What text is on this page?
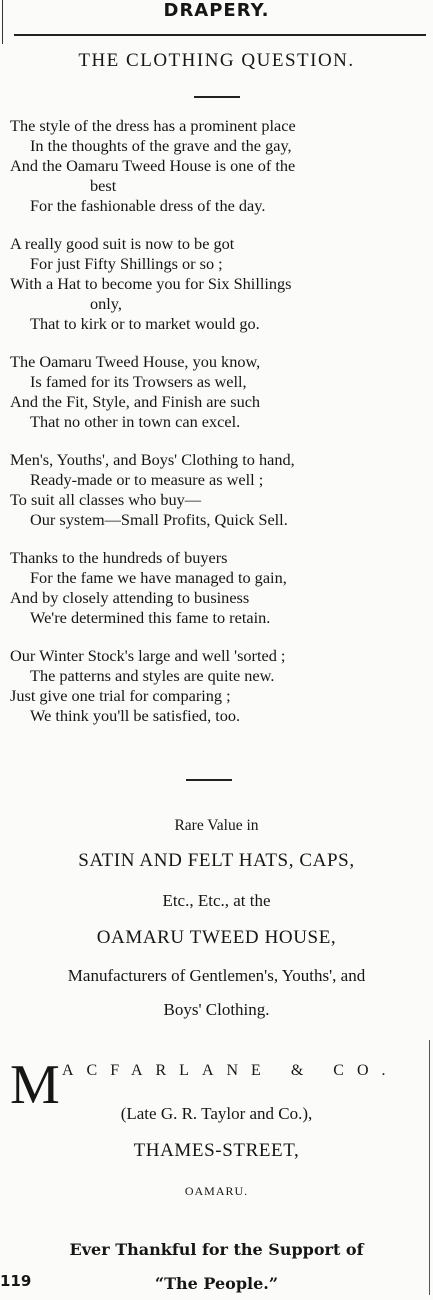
DRAPERY.
THE CLOTHING QUESTION.
The style of the dress has a prominent place
In the thoughts of the grave and the gay,
And the Oamaru Tweed House is one of the
best
For the fashionable dress of the day.
A really good suit is now to be got
For just Fifty Shillings or so ;
With a Hat to become you for Six Shillings
only,
That to kirk or to market would go.
The Oamaru Tweed House, you know,
Is famed for its Trowsers as well,
And the Fit, Style, and Finish are such
That no other in town can excel.
Men's, Youths', and Boys' Clothing to hand,
Ready-made or to measure as well ;
To suit all classes who buy—
Our system—Small Profits, Quick Sell.
Thanks to the hundreds of buyers
For the fame we have managed to gain,
And by closely attending to business
We're determined this fame to retain.
Our Winter Stock's large and well 'sorted ;
The patterns and styles are quite new.
Just give one trial for comparing ;
We think you'll be satisfied, too.
Rare Value in
SATIN AND FELT HATS, CAPS,
Etc., Etc., at the
OAMARU TWEED HOUSE,
Manufacturers of Gentlemen's, Youths', and
Boys' Clothing.
M ACFARLANE & CO.
(Late G. R. Taylor and Co.),
THAMES-STREET,
OAMARU.
Ever Thankful for the Support of
“The People.”
119
